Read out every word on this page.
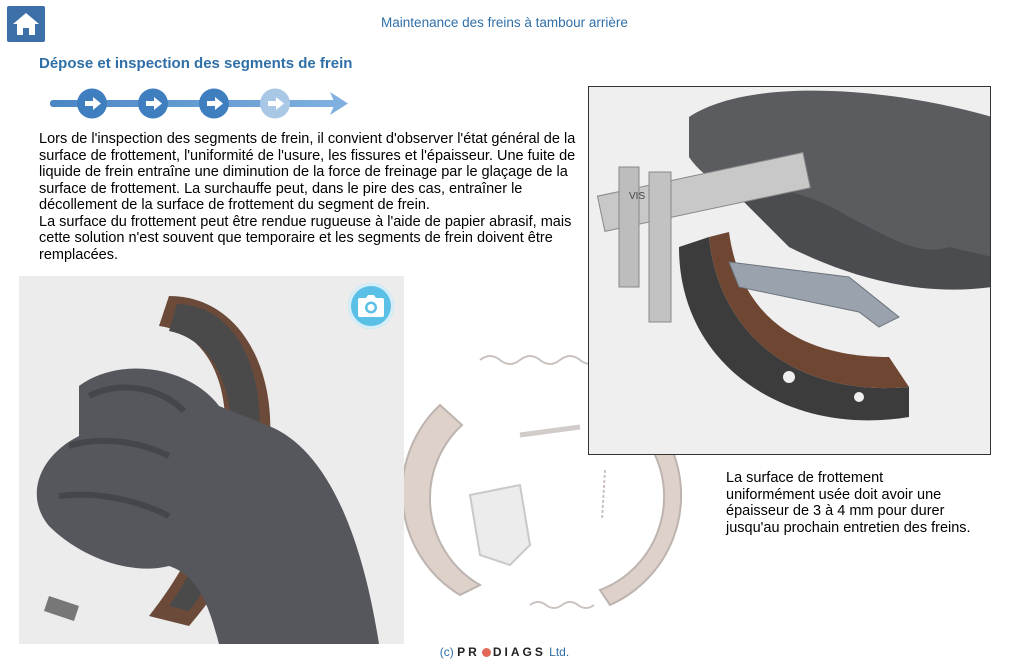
Maintenance des freins à tambour arrière
Dépose et inspection des segments de frein

Lors de l'inspection des segments de frein, il convient d'observer l'état général de la surface de frottement, l'uniformité de l'usure, les fissures et l'épaisseur. Une fuite de liquide de frein entraîne une diminution de la force de freinage par le glaçage de la surface de frottement. La surchauffe peut, dans le pire des cas, entraîner le décollement de la surface de frottement du segment de frein.

La surface du frottement peut être rendue rugueuse à l'aide de papier abrasif, mais cette solution n'est souvent que temporaire et les segments de frein doivent être remplacées.

VIS
La surface de frottement
uniformément usée doit avoir une épaisseur de 3 à 4 mm pour durer jusqu'au prochain entretien des freins.
(c) PR DIAGS Ltd.
